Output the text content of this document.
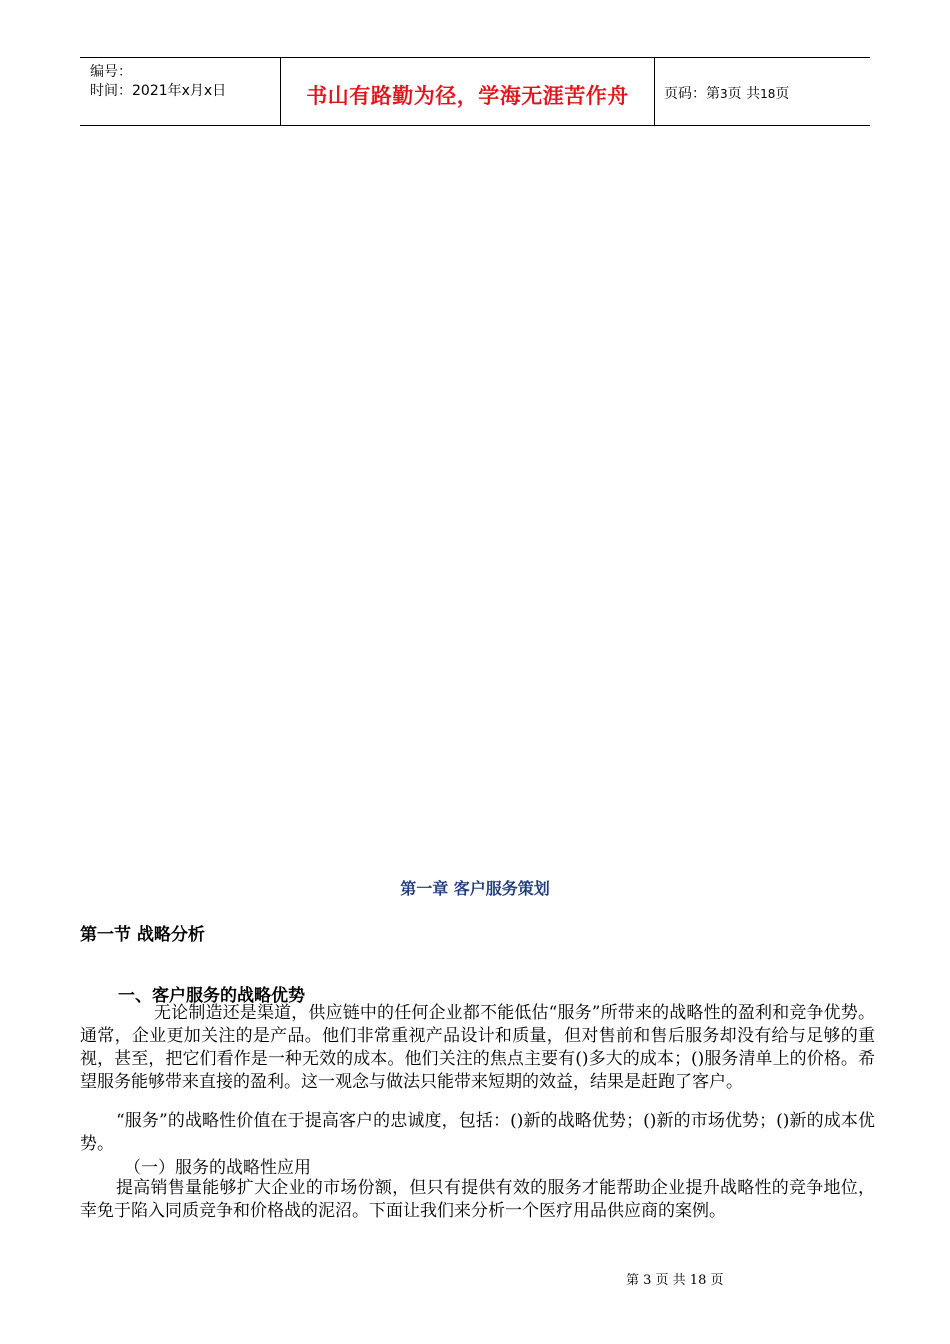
编号：
时间：2021年x月x日	书山有路勤为径，学海无涯苦作舟	页码：第3页 共18页
第一章 客户服务策划
第一节 战略分析
一、客户服务的战略优势
无论制造还是渠道，供应链中的任何企业都不能低估“服务”所带来的战略性的盈利和竞争优势。通常，企业更加关注的是产品。他们非常重视产品设计和质量，但对售前和售后服务却没有给与足够的重视，甚至，把它们看作是一种无效的成本。他们关注的焦点主要有()多大的成本；()服务清单上的价格。希望服务能够带来直接的盈利。这一观念与做法只能带来短期的效益，结果是赶跑了客户。
“服务”的战略性价值在于提高客户的忠诚度，包括：()新的战略优势；()新的市场优势；()新的成本优势。
（一）服务的战略性应用
提高销售量能够扩大企业的市场份额，但只有提供有效的服务才能帮助企业提升战略性的竞争地位，幸免于陷入同质竞争和价格战的泥沼。下面让我们来分析一个医疗用品供应商的案例。
第 3 页 共 18 页
